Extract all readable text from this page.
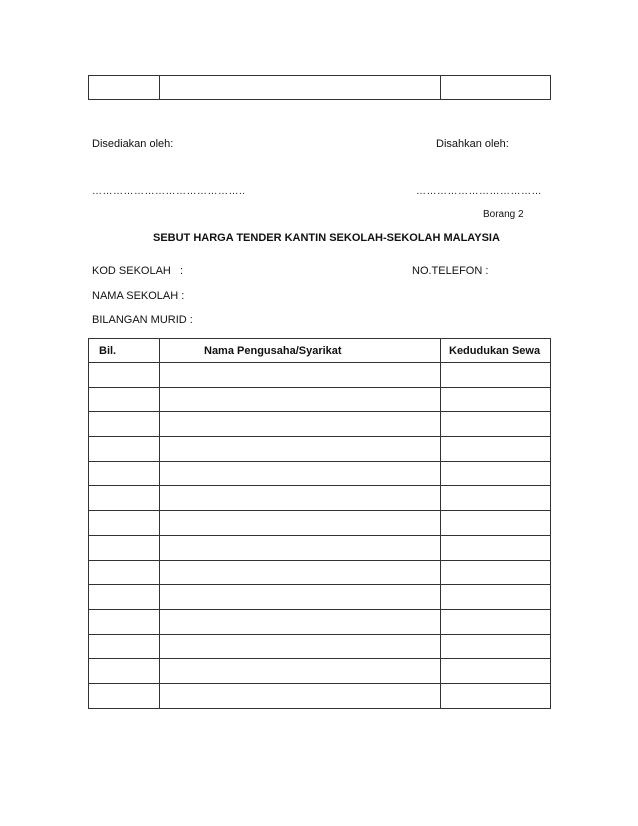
Disediakan oleh:	Disahkan oleh:
……………………………………..	………………………………
Borang 2
SEBUT HARGA TENDER KANTIN SEKOLAH-SEKOLAH MALAYSIA
KOD SEKOLAH :	NO.TELEFON :
NAMA SEKOLAH :
BILANGAN MURID :
Bil.	Nama Pengusaha/Syarikat	Kedudukan Sewa
